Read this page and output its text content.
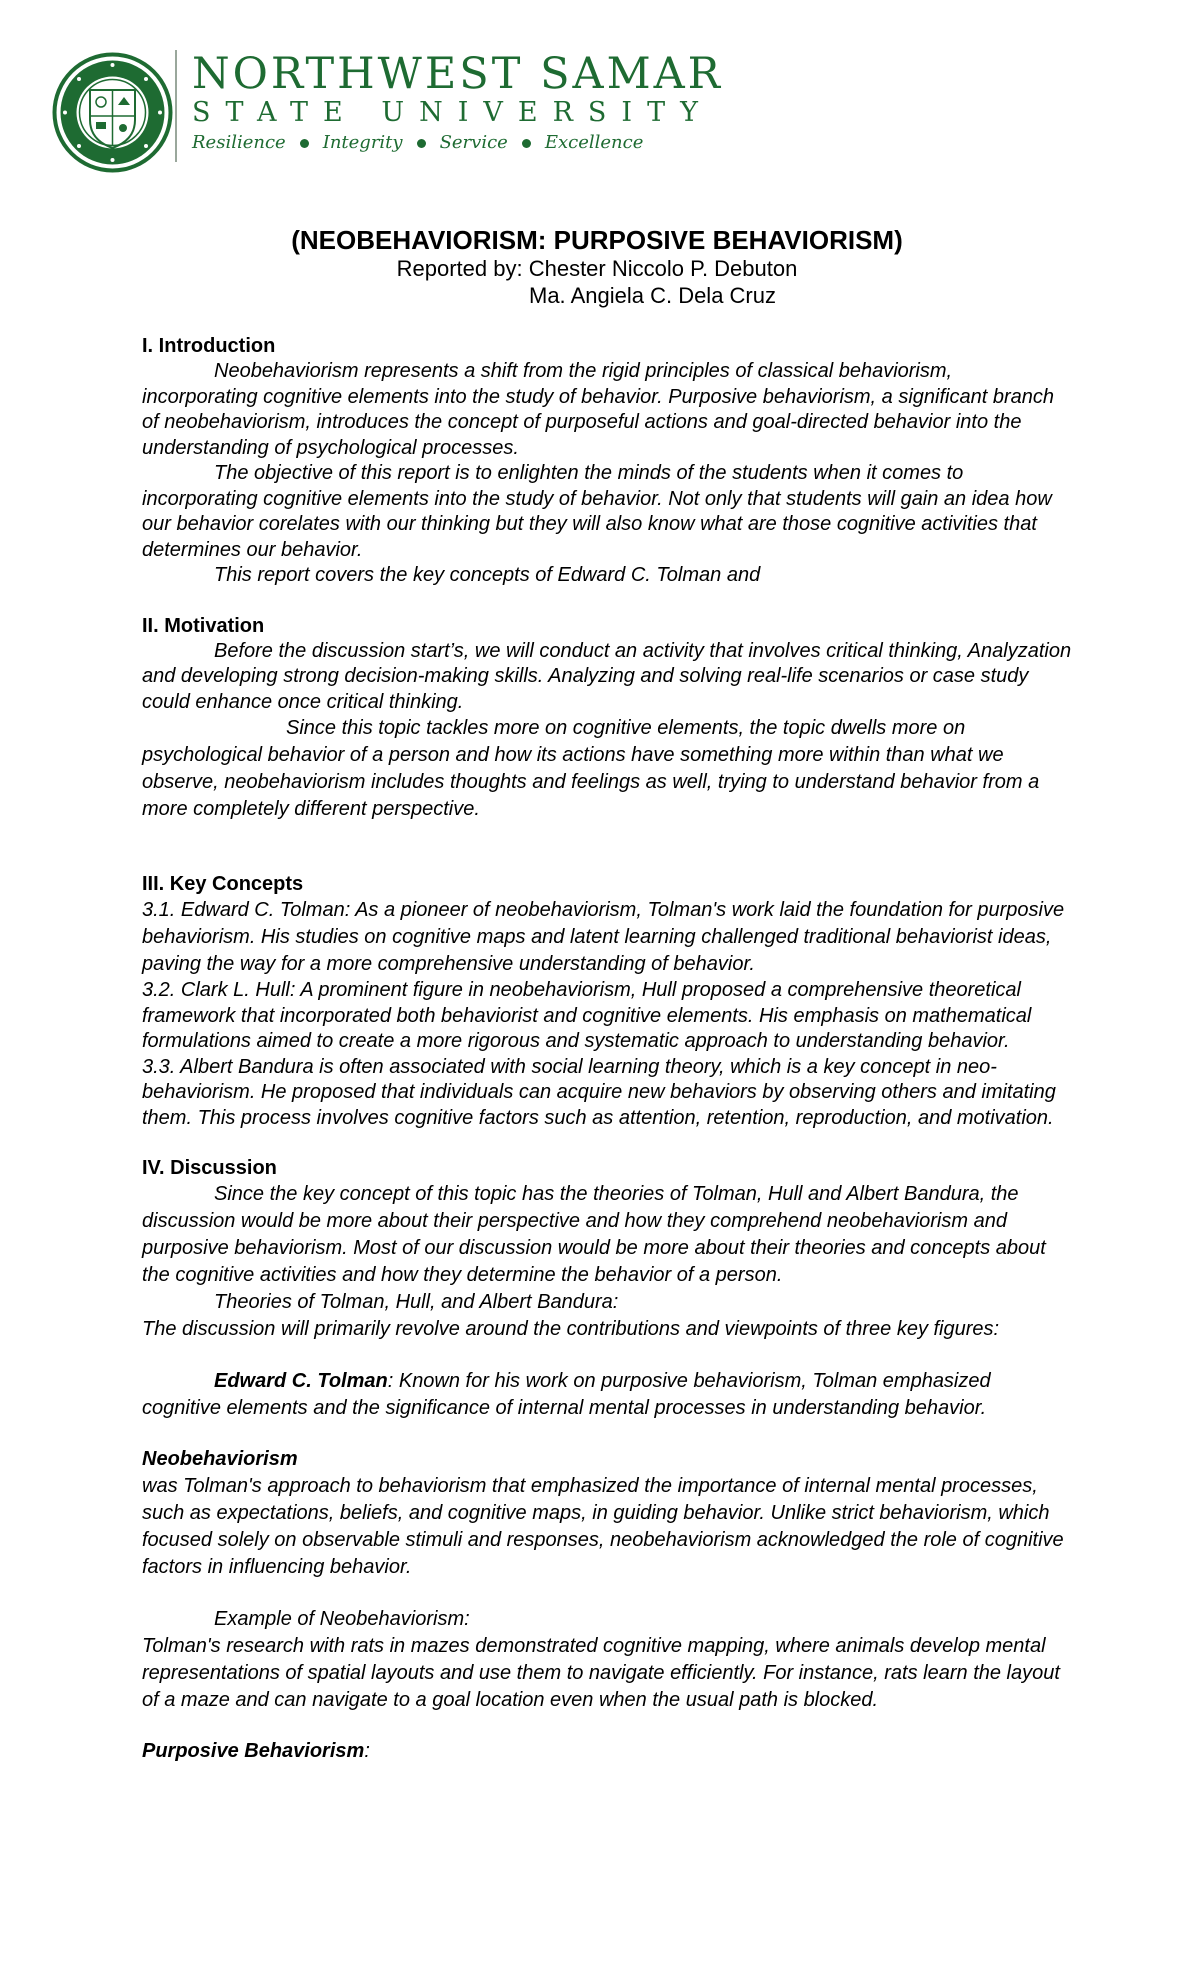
NORTHWEST SAMAR
STATE UNIVERSITY
Resilience Integrity Service Excellence
(NEOBEHAVIORISM: PURPOSIVE BEHAVIORISM)
Reported by: Chester Niccolo P. Debuton
Ma. Angiela C. Dela Cruz
I. Introduction

Neobehaviorism represents a shift from the rigid principles of classical behaviorism, incorporating cognitive elements into the study of behavior. Purposive behaviorism, a significant branch of neobehaviorism, introduces the concept of purposeful actions and goal-directed behavior into the understanding of psychological processes.

The objective of this report is to enlighten the minds of the students when it comes to incorporating cognitive elements into the study of behavior. Not only that students will gain an idea how our behavior corelates with our thinking but they will also know what are those cognitive activities that determines our behavior.

This report covers the key concepts of Edward C. Tolman and

II. Motivation

Before the discussion start’s, we will conduct an activity that involves critical thinking, Analyzation and developing strong decision-making skills. Analyzing and solving real-life scenarios or case study could enhance once critical thinking.

Since this topic tackles more on cognitive elements, the topic dwells more on psychological behavior of a person and how its actions have something more within than what we observe, neobehaviorism includes thoughts and feelings as well, trying to understand behavior from a more completely different perspective.

III. Key Concepts

3.1. Edward C. Tolman: As a pioneer of neobehaviorism, Tolman's work laid the foundation for purposive behaviorism. His studies on cognitive maps and latent learning challenged traditional behaviorist ideas, paving the way for a more comprehensive understanding of behavior.

3.2. Clark L. Hull: A prominent figure in neobehaviorism, Hull proposed a comprehensive theoretical framework that incorporated both behaviorist and cognitive elements. His emphasis on mathematical formulations aimed to create a more rigorous and systematic approach to understanding behavior.

3.3. Albert Bandura is often associated with social learning theory, which is a key concept in neo-behaviorism. He proposed that individuals can acquire new behaviors by observing others and imitating them. This process involves cognitive factors such as attention, retention, reproduction, and motivation.

IV. Discussion

Since the key concept of this topic has the theories of Tolman, Hull and Albert Bandura, the discussion would be more about their perspective and how they comprehend neobehaviorism and purposive behaviorism. Most of our discussion would be more about their theories and concepts about the cognitive activities and how they determine the behavior of a person.

Theories of Tolman, Hull, and Albert Bandura:

The discussion will primarily revolve around the contributions and viewpoints of three key figures:

Edward C. Tolman: Known for his work on purposive behaviorism, Tolman emphasized cognitive elements and the significance of internal mental processes in understanding behavior.

Neobehaviorism

was Tolman's approach to behaviorism that emphasized the importance of internal mental processes, such as expectations, beliefs, and cognitive maps, in guiding behavior. Unlike strict behaviorism, which focused solely on observable stimuli and responses, neobehaviorism acknowledged the role of cognitive factors in influencing behavior.

Example of Neobehaviorism:

Tolman's research with rats in mazes demonstrated cognitive mapping, where animals develop mental representations of spatial layouts and use them to navigate efficiently. For instance, rats learn the layout of a maze and can navigate to a goal location even when the usual path is blocked.

Purposive Behaviorism:
